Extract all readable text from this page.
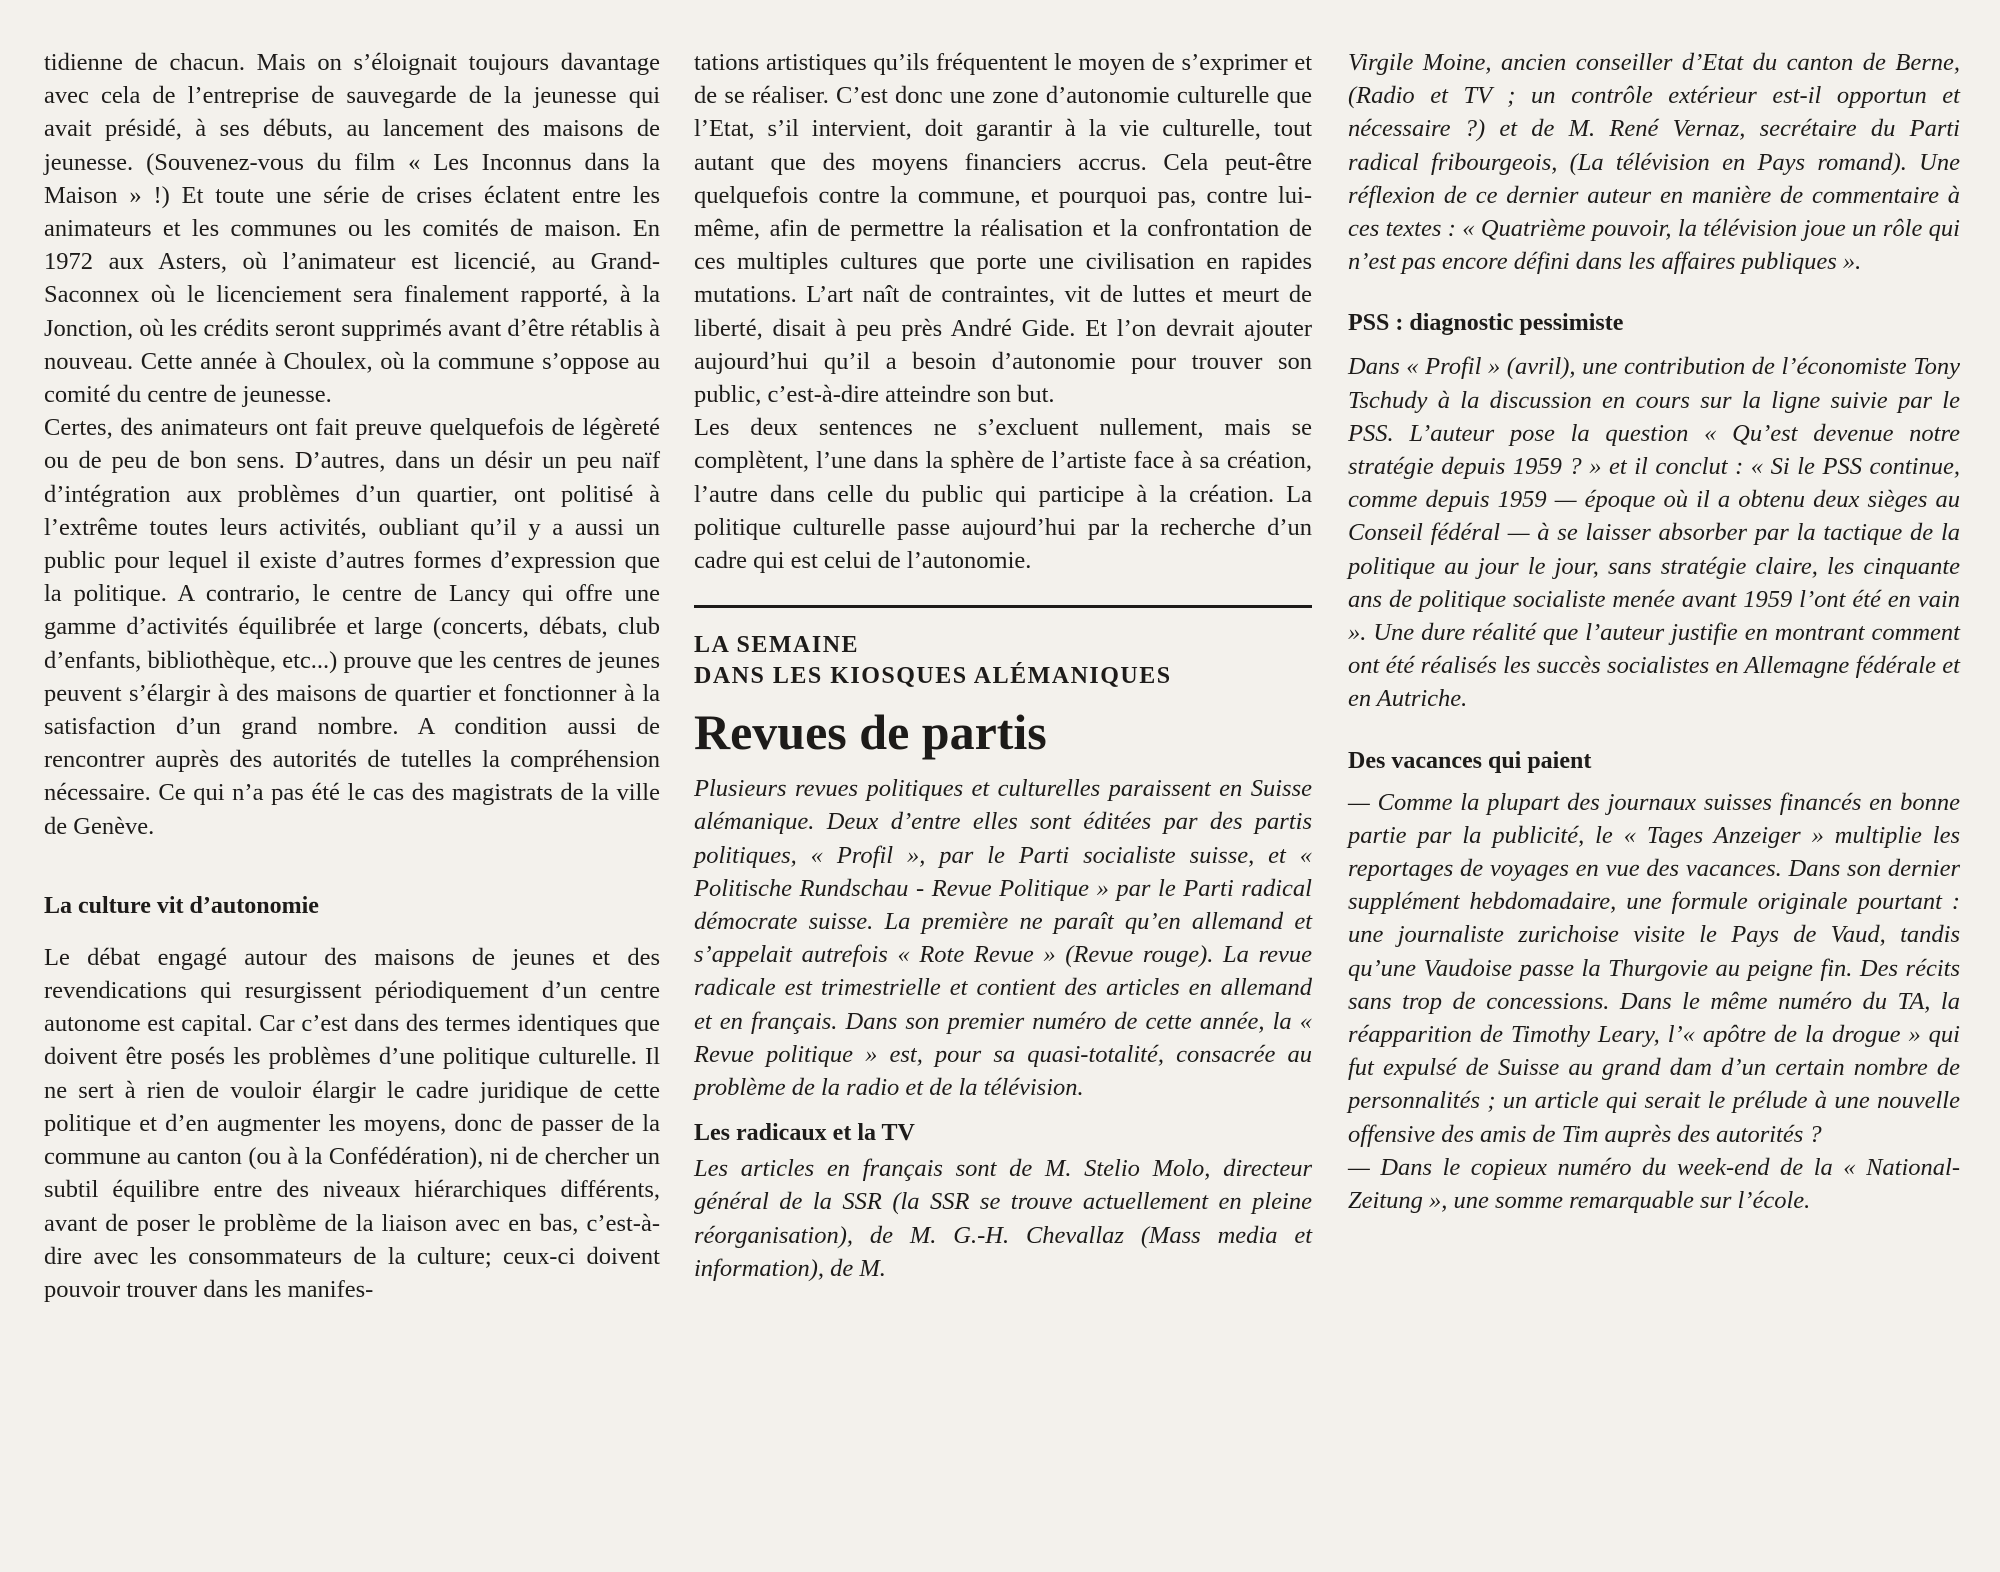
tidienne de chacun. Mais on s’éloignait toujours davantage avec cela de l’entreprise de sauvegarde de la jeunesse qui avait présidé, à ses débuts, au lancement des maisons de jeunesse. (Souvenez-vous du film « Les Inconnus dans la Maison » !) Et toute une série de crises éclatent entre les animateurs et les communes ou les comités de maison. En 1972 aux Asters, où l’animateur est licencié, au Grand-Saconnex où le licenciement sera finalement rapporté, à la Jonction, où les crédits seront supprimés avant d’être rétablis à nouveau. Cette année à Choulex, où la commune s’oppose au comité du centre de jeunesse.

Certes, des animateurs ont fait preuve quelquefois de légèreté ou de peu de bon sens. D’autres, dans un désir un peu naïf d’intégration aux problèmes d’un quartier, ont politisé à l’extrême toutes leurs activités, oubliant qu’il y a aussi un public pour lequel il existe d’autres formes d’expression que la politique. A contrario, le centre de Lancy qui offre une gamme d’activités équilibrée et large (concerts, débats, club d’enfants, bibliothèque, etc...) prouve que les centres de jeunes peuvent s’élargir à des maisons de quartier et fonctionner à la satisfaction d’un grand nombre. A condition aussi de rencontrer auprès des autorités de tutelles la compréhension nécessaire. Ce qui n’a pas été le cas des magistrats de la ville de Genève.

La culture vit d’autonomie

Le débat engagé autour des maisons de jeunes et des revendications qui resurgissent périodiquement d’un centre autonome est capital. Car c’est dans des termes identiques que doivent être posés les problèmes d’une politique culturelle. Il ne sert à rien de vouloir élargir le cadre juridique de cette politique et d’en augmenter les moyens, donc de passer de la commune au canton (ou à la Confédération), ni de chercher un subtil équilibre entre des niveaux hiérarchiques différents, avant de poser le problème de la liaison avec en bas, c’est-à-dire avec les consommateurs de la culture; ceux-ci doivent pouvoir trouver dans les manifes-

tations artistiques qu’ils fréquentent le moyen de s’exprimer et de se réaliser. C’est donc une zone d’autonomie culturelle que l’Etat, s’il intervient, doit garantir à la vie culturelle, tout autant que des moyens financiers accrus. Cela peut-être quelquefois contre la commune, et pourquoi pas, contre lui-même, afin de permettre la réalisation et la confrontation de ces multiples cultures que porte une civilisation en rapides mutations. L’art naît de contraintes, vit de luttes et meurt de liberté, disait à peu près André Gide. Et l’on devrait ajouter aujourd’hui qu’il a besoin d’autonomie pour trouver son public, c’est-à-dire atteindre son but.

Les deux sentences ne s’excluent nullement, mais se complètent, l’une dans la sphère de l’artiste face à sa création, l’autre dans celle du public qui participe à la création. La politique culturelle passe aujourd’hui par la recherche d’un cadre qui est celui de l’autonomie.

LA SEMAINE
DANS LES KIOSQUES ALÉMANIQUES
Revues de partis

Plusieurs revues politiques et culturelles paraissent en Suisse alémanique. Deux d’entre elles sont éditées par des partis politiques, « Profil », par le Parti socialiste suisse, et « Politische Rundschau - Revue Politique » par le Parti radical démocrate suisse. La première ne paraît qu’en allemand et s’appelait autrefois « Rote Revue » (Revue rouge). La revue radicale est trimestrielle et contient des articles en allemand et en français. Dans son premier numéro de cette année, la « Revue politique » est, pour sa quasi-totalité, consacrée au problème de la radio et de la télévision.

Les radicaux et la TV

Les articles en français sont de M. Stelio Molo, directeur général de la SSR (la SSR se trouve actuellement en pleine réorganisation), de M. G.-H. Chevallaz (Mass media et information), de M.

Virgile Moine, ancien conseiller d’Etat du canton de Berne, (Radio et TV ; un contrôle extérieur est-il opportun et nécessaire ?) et de M. René Vernaz, secrétaire du Parti radical fribourgeois, (La télévision en Pays romand). Une réflexion de ce dernier auteur en manière de commentaire à ces textes : « Quatrième pouvoir, la télévision joue un rôle qui n’est pas encore défini dans les affaires publiques ».

PSS : diagnostic pessimiste

Dans « Profil » (avril), une contribution de l’économiste Tony Tschudy à la discussion en cours sur la ligne suivie par le PSS. L’auteur pose la question « Qu’est devenue notre stratégie depuis 1959 ? » et il conclut : « Si le PSS continue, comme depuis 1959 — époque où il a obtenu deux sièges au Conseil fédéral — à se laisser absorber par la tactique de la politique au jour le jour, sans stratégie claire, les cinquante ans de politique socialiste menée avant 1959 l’ont été en vain ». Une dure réalité que l’auteur justifie en montrant comment ont été réalisés les succès socialistes en Allemagne fédérale et en Autriche.

Des vacances qui paient

— Comme la plupart des journaux suisses financés en bonne partie par la publicité, le « Tages Anzeiger » multiplie les reportages de voyages en vue des vacances. Dans son dernier supplément hebdomadaire, une formule originale pourtant : une journaliste zurichoise visite le Pays de Vaud, tandis qu’une Vaudoise passe la Thurgovie au peigne fin. Des récits sans trop de concessions. Dans le même numéro du TA, la réapparition de Timothy Leary, l’« apôtre de la drogue » qui fut expulsé de Suisse au grand dam d’un certain nombre de personnalités ; un article qui serait le prélude à une nouvelle offensive des amis de Tim auprès des autorités ?

— Dans le copieux numéro du week-end de la « National-Zeitung », une somme remarquable sur l’école.
